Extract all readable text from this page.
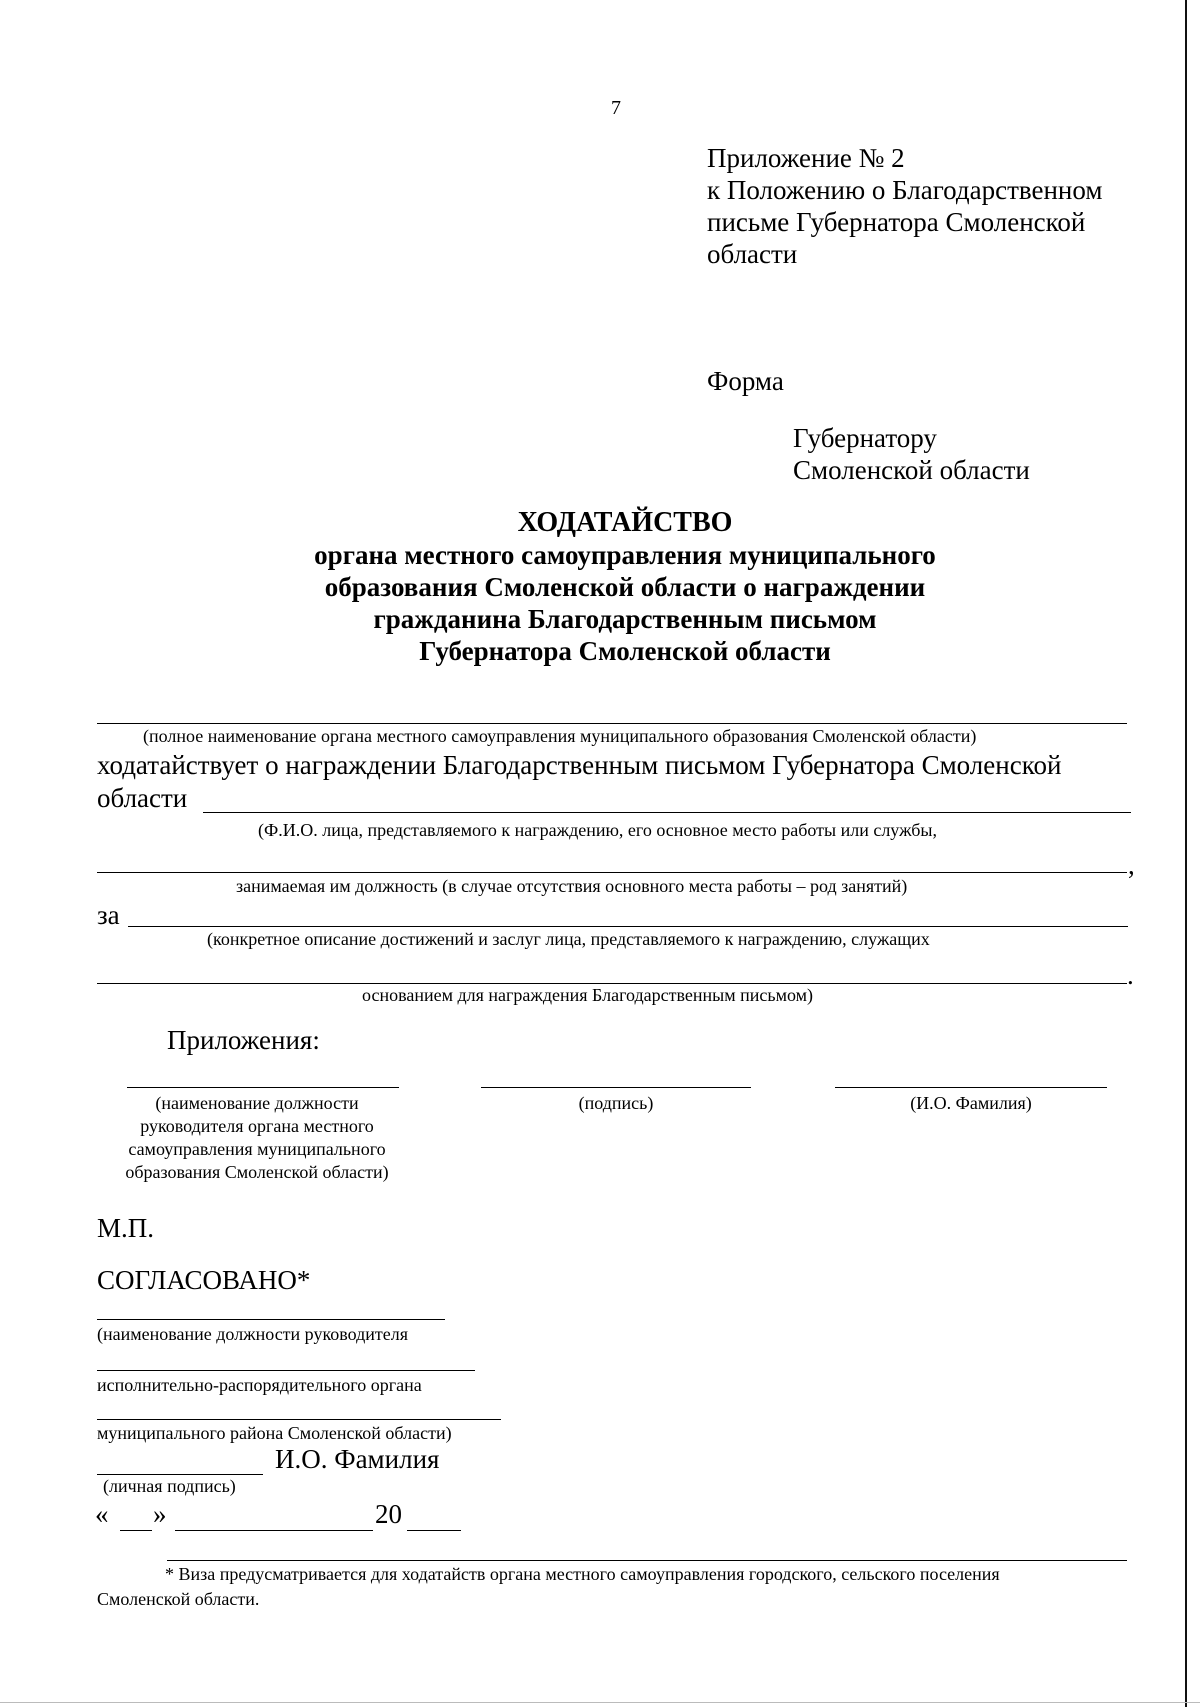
7
Приложение № 2
к Положению о Благодарственном
письме Губернатора Смоленской
области
Форма
Губернатору
Смоленской области
ХОДАТАЙСТВО
органа местного самоуправления муниципального
образования Смоленской области о награждении
гражданина Благодарственным письмом
Губернатора Смоленской области
(полное наименование органа местного самоуправления муниципального образования Смоленской области)
ходатайствует о награждении Благодарственным письмом Губернатора Смоленской
области
(Ф.И.О. лица, представляемого к награждению, его основное место работы или службы,
,
занимаемая им должность (в случае отсутствия основного места работы – род занятий)
за
(конкретное описание достижений и заслуг лица, представляемого к награждению, служащих
.
основанием для награждения Благодарственным письмом)
Приложения:
(наименование должности
руководителя органа местного
самоуправления муниципального
образования Смоленской области)
(подпись)	(И.О. Фамилия)
М.П.
СОГЛАСОВАНО*
(наименование должности руководителя
исполнительно-распорядительного органа
муниципального района Смоленской области)
И.О. Фамилия
(личная подпись)
« »	20
* Виза предусматривается для ходатайств органа местного самоуправления городского, сельского поселения
Смоленской области.
